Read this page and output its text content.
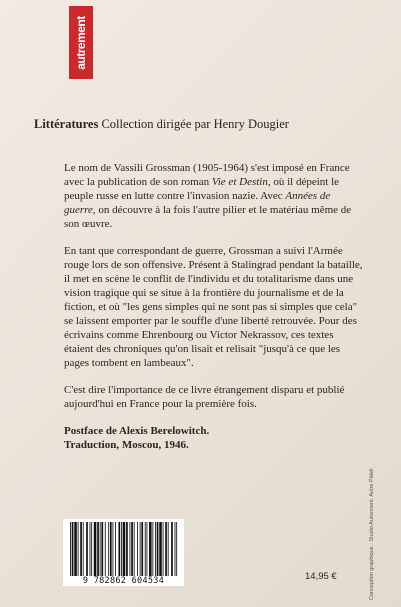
autrement
Littératures Collection dirigée par Henry Dougier

Le nom de Vassili Grossman (1905-1964) s'est imposé en France avec la publication de son roman Vie et Destin, où il dépeint le peuple russe en lutte contre l'invasion nazie. Avec Années de guerre, on découvre à la fois l'autre pilier et le matériau même de son œuvre.

En tant que correspondant de guerre, Grossman a suivi l'Armée rouge lors de son offensive. Présent à Stalingrad pendant la bataille, il met en scène le conflit de l'individu et du totalitarisme dans une vision tragique qui se situe à la frontière du journalisme et de la fiction, et où "les gens simples qui ne sont pas si simples que cela" se laissent emporter par le souffle d'une liberté retrouvée. Pour des écrivains comme Ehrenbourg ou Victor Nekrassov, ces textes étaient des chroniques qu'on lisait et relisait "jusqu'à ce que les pages tombent en lambeaux".

C'est dire l'importance de ce livre étrangement disparu et publié aujourd'hui en France pour la première fois.

Postface de Alexis Berelowitch.
Traduction, Moscou, 1946.
9 782862 604534	14,95 €	Conception graphique : Studio Autrement. Autre Pâleli
